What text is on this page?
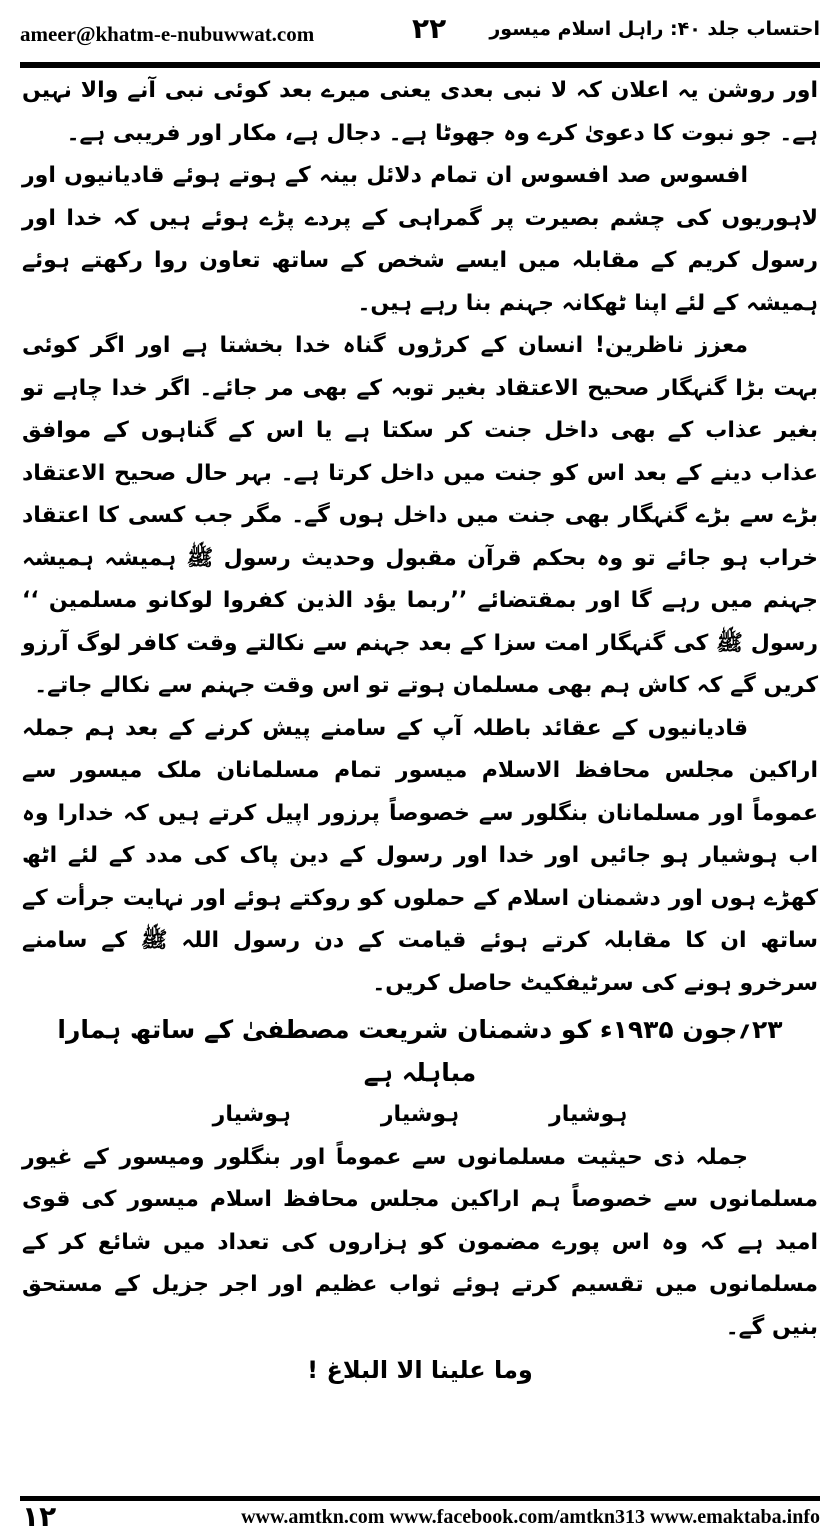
ameer@khatm-e-nubuwwat.com	۲۲ احتساب جلد ۴۰: راہل اسلام میسور

اور روشن یہ اعلان کہ لا نبی بعدی یعنی میرے بعد کوئی نبی آنے والا نہیں ہے۔ جو نبوت کا دعویٰ کرے وہ جھوٹا ہے۔ دجال ہے، مکار اور فریبی ہے۔

افسوس صد افسوس ان تمام دلائل بینہ کے ہوتے ہوئے قادیانیوں اور لاہوریوں کی چشم بصیرت پر گمراہی کے پردے پڑے ہوئے ہیں کہ خدا اور رسول کریم کے مقابلہ میں ایسے شخص کے ساتھ تعاون روا رکھتے ہوئے ہمیشہ کے لئے اپنا ٹھکانہ جہنم بنا رہے ہیں۔

معزز ناظرین! انسان کے کرڑوں گناہ خدا بخشتا ہے اور اگر کوئی بہت بڑا گنہگار صحیح الاعتقاد بغیر توبہ کے بھی مر جائے۔ اگر خدا چاہے تو بغیر عذاب کے بھی داخل جنت کر سکتا ہے یا اس کے گناہوں کے موافق عذاب دینے کے بعد اس کو جنت میں داخل کرتا ہے۔ بہر حال صحیح الاعتقاد بڑے سے بڑے گنہگار بھی جنت میں داخل ہوں گے۔ مگر جب کسی کا اعتقاد خراب ہو جائے تو وہ بحکم قرآن مقبول وحدیث رسول ﷺ ہمیشہ ہمیشہ جہنم میں رہے گا اور بمقتضائے ’’ربما یؤد الذین کفروا لوکانو مسلمین ‘‘ رسول ﷺ کی گنہگار امت سزا کے بعد جہنم سے نکالتے وقت کافر لوگ آرزو کریں گے کہ کاش ہم بھی مسلمان ہوتے تو اس وقت جہنم سے نکالے جاتے۔

قادیانیوں کے عقائد باطلہ آپ کے سامنے پیش کرنے کے بعد ہم جملہ اراکین مجلس محافظ الاسلام میسور تمام مسلمانان ملک میسور سے عموماً اور مسلمانان بنگلور سے خصوصاً پرزور اپیل کرتے ہیں کہ خدارا وہ اب ہوشیار ہو جائیں اور خدا اور رسول کے دین پاک کی مدد کے لئے اٹھ کھڑے ہوں اور دشمنان اسلام کے حملوں کو روکتے ہوئے اور نہایت جرأت کے ساتھ ان کا مقابلہ کرتے ہوئے قیامت کے دن رسول اللہ ﷺ کے سامنے سرخرو ہونے کی سرٹیفکیٹ حاصل کریں۔

۲۳؍جون ۱۹۳۵ء کو دشمنان شریعت مصطفیٰ کے ساتھ ہمارا مباہلہ ہے

ہوشیار
ہوشیار
ہوشیار

جملہ ذی حیثیت مسلمانوں سے عموماً اور بنگلور ومیسور کے غیور مسلمانوں سے خصوصاً ہم اراکین مجلس محافظ اسلام میسور کی قوی امید ہے کہ وہ اس پورے مضمون کو ہزاروں کی تعداد میں شائع کر کے مسلمانوں میں تقسیم کرتے ہوئے ثواب عظیم اور اجر جزیل کے مستحق بنیں گے۔

وما علینا الا البلاغ !

۱۲	www.amtkn.com www.facebook.com/amtkn313 www.emaktaba.info
